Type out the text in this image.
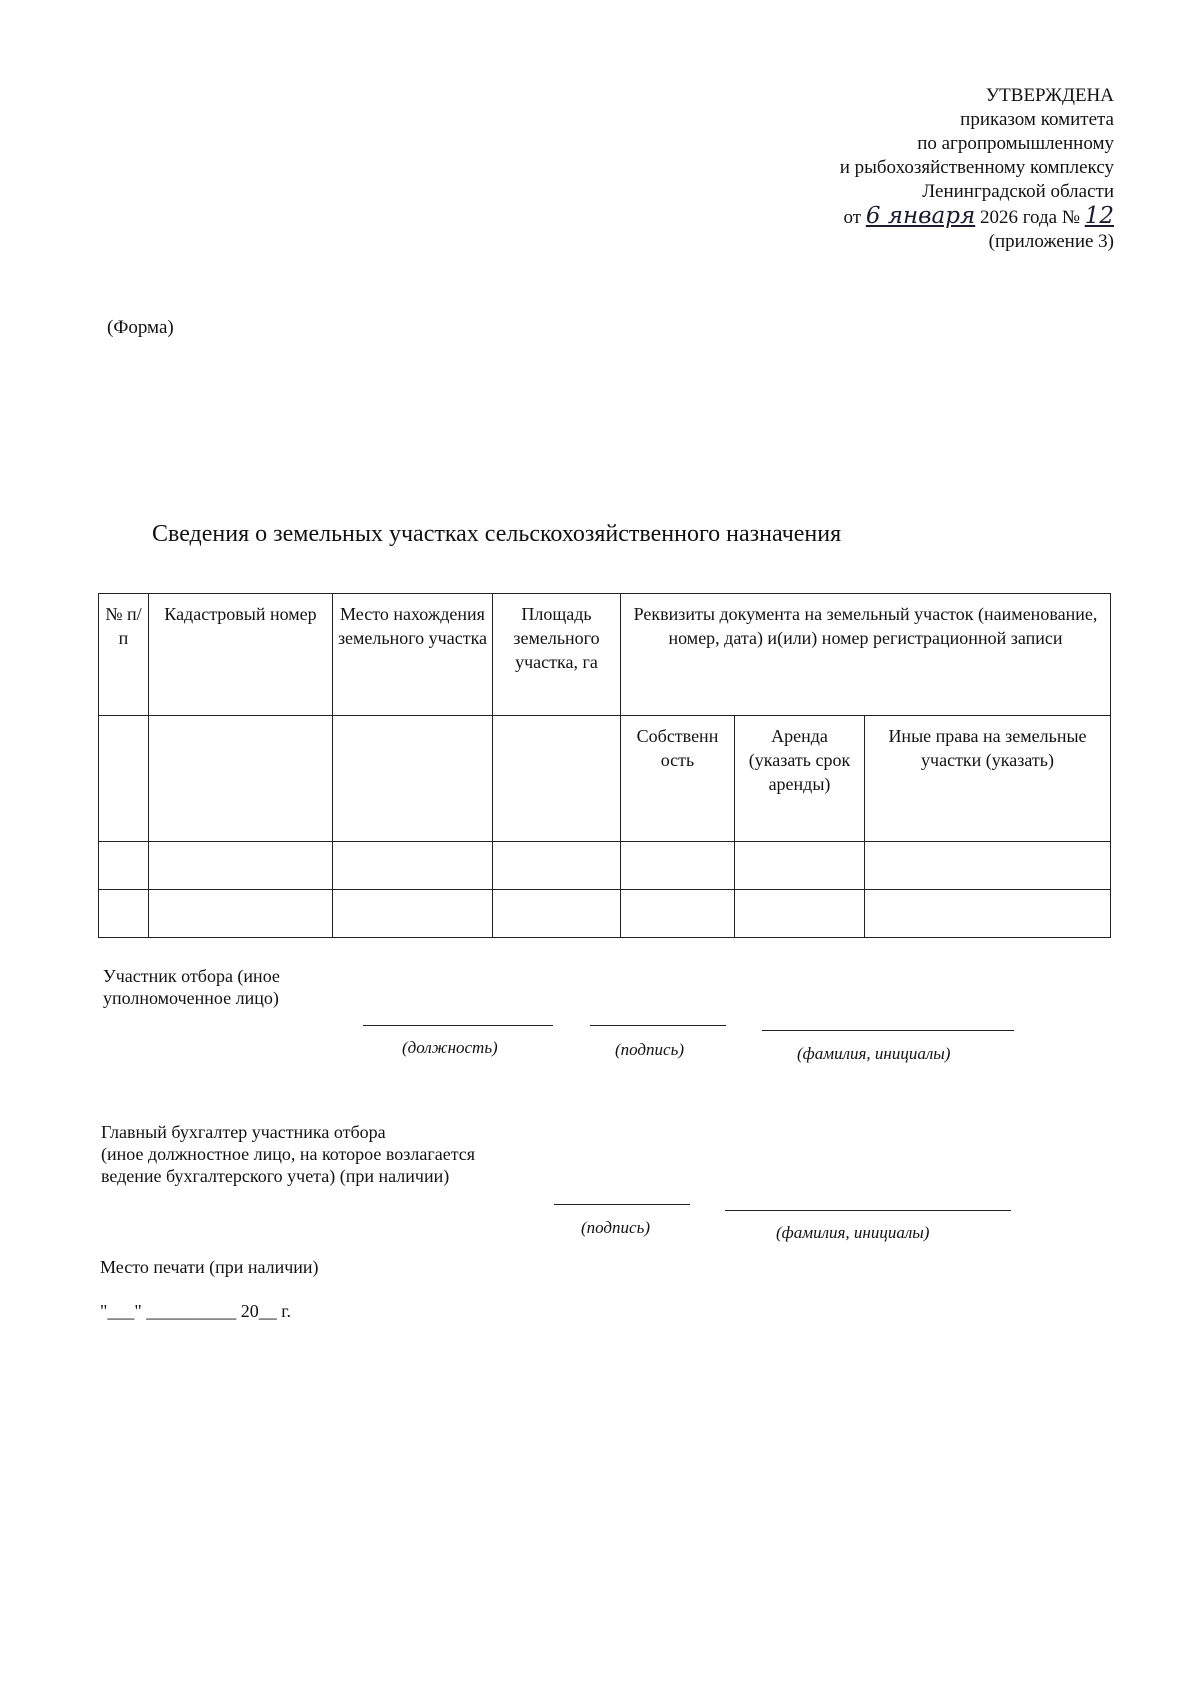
УТВЕРЖДЕНА
приказом комитета
по агропромышленному
и рыбохозяйственному комплексу
Ленинградской области
от 6 января 2026 года № 12
(приложение 3)
(Форма)
Сведения о земельных участках сельскохозяйственного назначения
№ п/п	Кадастровый номер	Место нахождения земельного участка	Площадь земельного участка, га	Реквизиты документа на земельный участок (наименование, номер, дата) и(или) номер регистрационной записи		
				Собственн ость	Аренда (указать срок аренды)	Иные права на земельные участки (указать)

Участник отбора (иное
уполномоченное лицо)
(должность)	(подпись)	(фамилия, инициалы)
Главный бухгалтер участника отбора
(иное должностное лицо, на которое возлагается
ведение бухгалтерского учета) (при наличии)
(подпись)	(фамилия, инициалы)
Место печати (при наличии)
"___" __________ 20__ г.
